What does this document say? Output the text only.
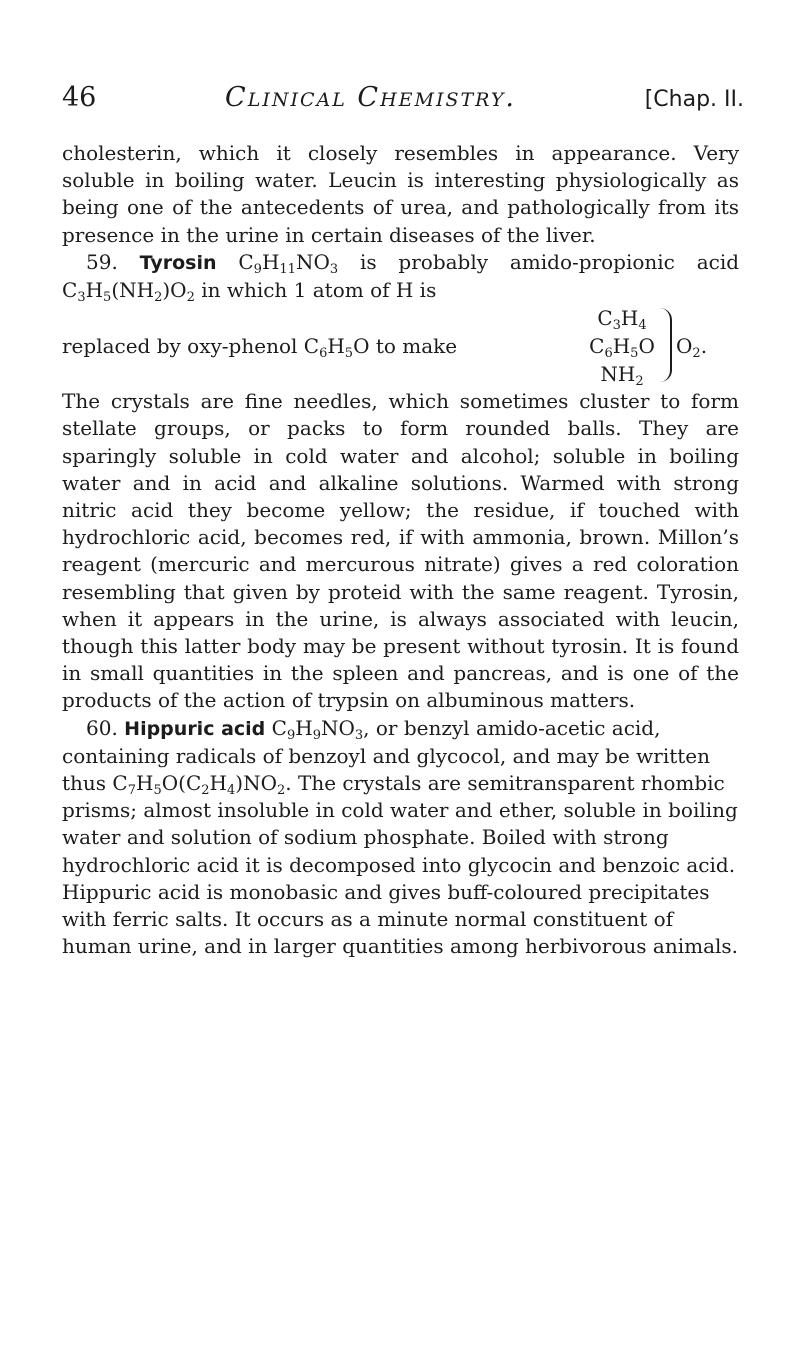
46	Clinical Chemistry.	[Chap. II.

cholesterin, which it closely resembles in appearance. Very soluble in boiling water. Leucin is interesting physiologically as being one of the antecedents of urea, and pathologically from its presence in the urine in certain diseases of the liver.

59. Tyrosin $C_9H_{11}NO_3$ is probably amido-propionic acid $C_3H_5(NH_2)O_2$ in which 1 atom of H is

replaced by oxy-phenol $C_6H_5O$ to make
$C_3H_4$
$C_6H_5O$
$NH_2$
$O_2$.

The crystals are fine needles, which sometimes cluster to form stellate groups, or packs to form rounded balls. They are sparingly soluble in cold water and alcohol; soluble in boiling water and in acid and alkaline solutions. Warmed with strong nitric acid they become yellow; the residue, if touched with hydrochloric acid, becomes red, if with ammonia, brown. Millon’s reagent (mercuric and mercurous nitrate) gives a red coloration resembling that given by proteid with the same reagent. Tyrosin, when it appears in the urine, is always associated with leucin, though this latter body may be present without tyrosin. It is found in small quantities in the spleen and pancreas, and is one of the products of the action of trypsin on albuminous matters.

60. Hippuric acid $C_9H_9NO_3$, or benzyl amido-acetic acid, containing radicals of benzoyl and glycocol, and may be written thus $C_7H_5O(C_2H_4)NO_2$. The crystals are semitransparent rhombic prisms; almost insoluble in cold water and ether, soluble in boiling water and solution of sodium phosphate. Boiled with strong hydrochloric acid it is decomposed into glycocin and benzoic acid. Hippuric acid is monobasic and gives buff-coloured precipitates with ferric salts. It occurs as a minute normal constituent of human urine, and in larger quantities among herbivorous animals.
